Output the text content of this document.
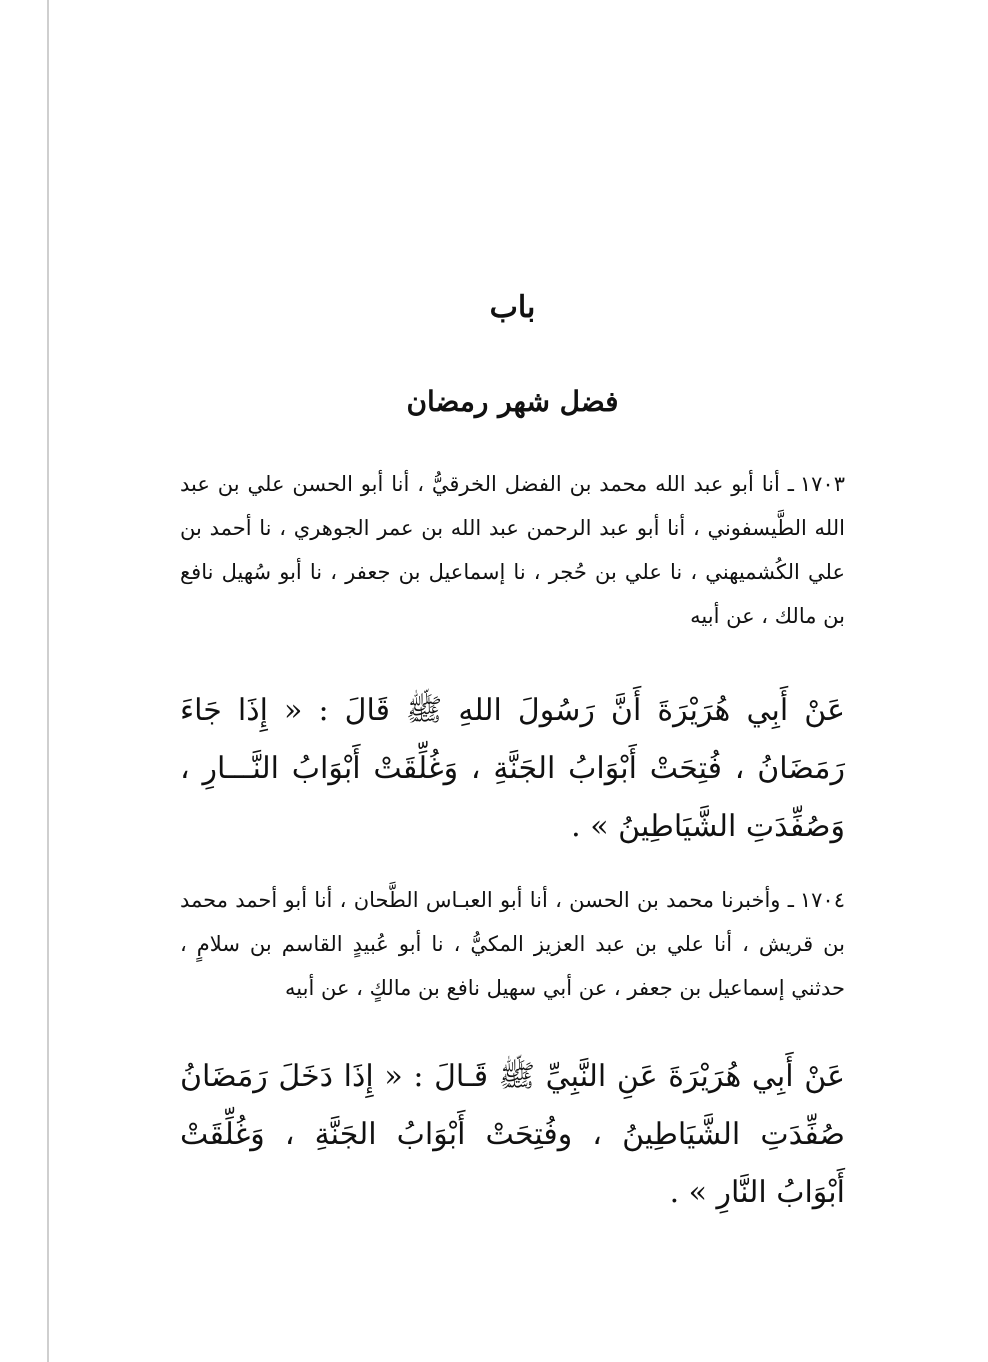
باب
فضل شهر رمضان
١٧٠٣ـ أنا أبو عبد الله محمد بن الفضل الخرقيُّ ، أنا أبو الحسن علي بن عبد الله الطَّيسفوني ، أنا أبو عبد الرحمن عبد الله بن عمر الجوهري ، نا أحمد بن علي الكُشميهني ، نا علي بن حُجر ، نا إسماعيل بن جعفر ، نا أبو سُهيل نافع بن مالك ، عن أبيه
عَنْ أَبِي هُرَيْرَةَ أَنَّ رَسُولَ اللهِ ﷺ قَالَ : « إِذَا جَاءَ رَمَضَانُ ، فُتِحَتْ أَبْوَابُ الجَنَّةِ ، وَغُلِّقَتْ أَبْوَابُ النَّـــارِ ، وَصُفِّدَتِ الشَّيَاطِينُ » .
١٧٠٤ـ وأخبرنا محمد بن الحسن ، أنا أبو العبـاس الطَّحان ، أنا أبو أحمد محمد بن قريش ، أنا علي بن عبد العزيز المكيُّ ، نا أبو عُبيدٍ القاسم بن سلامٍ ، حدثني إسماعيل بن جعفر ، عن أبي سهيل نافع بن مالكٍ ، عن أبيه
عَنْ أَبِي هُرَيْرَةَ عَنِ النَّبِيِّ ﷺ قَـالَ : « إِذَا دَخَلَ رَمَضَانُ صُفِّدَتِ الشَّيَاطِينُ ، وفُتِحَتْ أَبْوَابُ الجَنَّةِ ، وَغُلِّقَتْ أَبْوَابُ النَّارِ » .
